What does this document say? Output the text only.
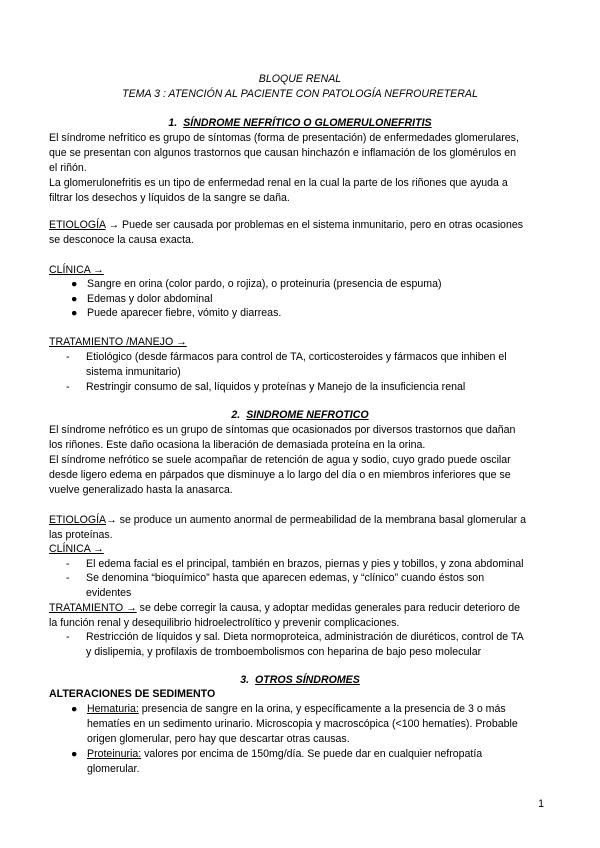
BLOQUE RENAL
TEMA 3 : ATENCIÓN AL PACIENTE CON PATOLOGÍA NEFROURETERAL
1. SÍNDROME NEFRÍTICO O GLOMERULONEFRITIS
El síndrome nefrítico es grupo de síntomas (forma de presentación) de enfermedades glomerulares,
que se presentan con algunos trastornos que causan hinchazón e inflamación de los glomérulos en
el riñón.
La glomerulonefritis es un tipo de enfermedad renal en la cual la parte de los riñones que ayuda a
filtrar los desechos y líquidos de la sangre se daña.
ETIOLOGÍA → Puede ser causada por problemas en el sistema inmunitario, pero en otras ocasiones
se desconoce la causa exacta.
CLÍNICA →
● Sangre en orina (color pardo, o rojiza), o proteinuria (presencia de espuma)
● Edemas y dolor abdominal
● Puede aparecer fiebre, vómito y diarreas.
TRATAMIENTO /MANEJO →
- Etiológico (desde fármacos para control de TA, corticosteroides y fármacos que inhiben el
sistema inmunitario)
- Restringir consumo de sal, líquidos y proteínas y Manejo de la insuficiencia renal
2. SINDROME NEFROTICO
El síndrome nefrótico es un grupo de síntomas que ocasionados por diversos trastornos que dañan
los riñones. Este daño ocasiona la liberación de demasiada proteína en la orina.
El síndrome nefrótico se suele acompañar de retención de agua y sodio, cuyo grado puede oscilar
desde ligero edema en párpados que disminuye a lo largo del día o en miembros inferiores que se
vuelve generalizado hasta la anasarca.
ETIOLOGÍA→ se produce un aumento anormal de permeabilidad de la membrana basal glomerular a
las proteínas.
CLÍNICA →
- El edema facial es el principal, también en brazos, piernas y pies y tobillos, y zona abdominal
- Se denomina “bioquímico” hasta que aparecen edemas, y “clínico” cuando éstos son
evidentes
TRATAMIENTO → se debe corregir la causa, y adoptar medidas generales para reducir deterioro de
la función renal y desequilibrio hidroelectrolítico y prevenir complicaciones.
- Restricción de líquidos y sal. Dieta normoproteica, administración de diuréticos, control de TA
y dislipemia, y profilaxis de tromboembolismos con heparina de bajo peso molecular
3. OTROS SÍNDROMES
ALTERACIONES DE SEDIMENTO
● Hematuria: presencia de sangre en la orina, y específicamente a la presencia de 3 o más
hematíes en un sedimento urinario. Microscopia y macroscópica (<100 hematíes). Probable
origen glomerular, pero hay que descartar otras causas.
● Proteinuria: valores por encima de 150mg/día. Se puede dar en cualquier nefropatía
glomerular.
1
